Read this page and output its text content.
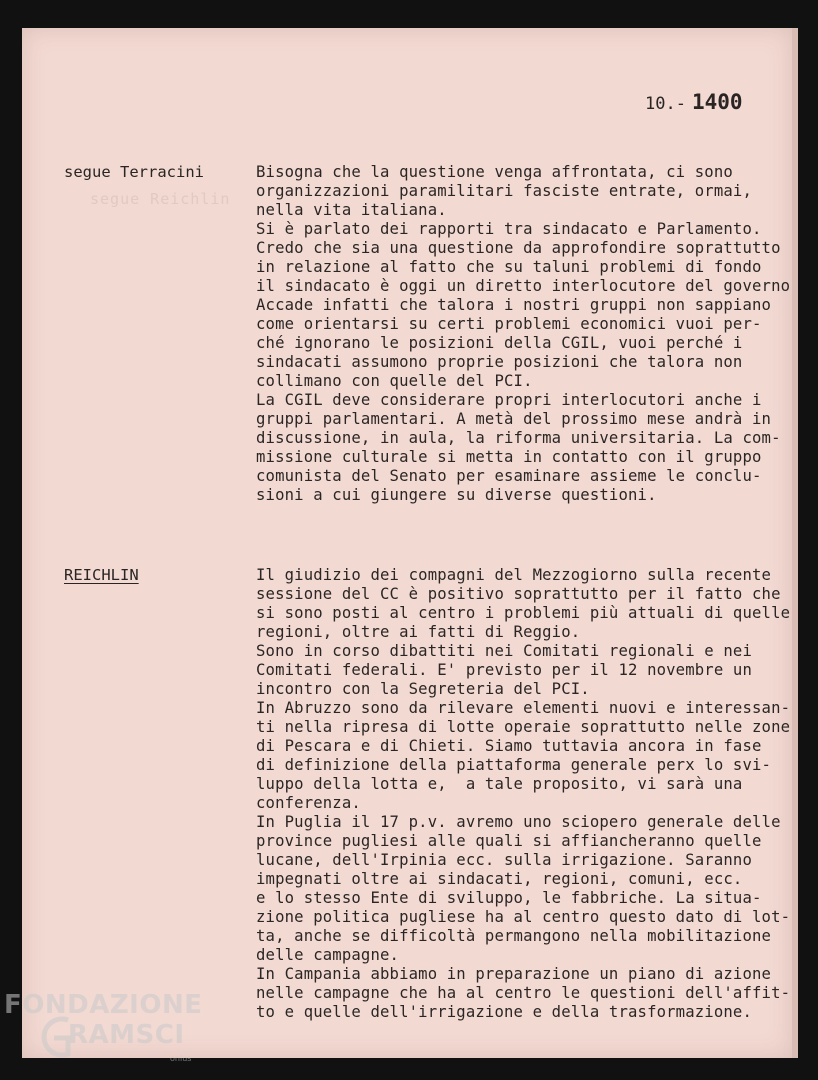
segue Reichlin
10.- 1400
segue Terracini	Bisogna che la questione venga affrontata, ci sono
organizzazioni paramilitari fasciste entrate, ormai,
nella vita italiana.
Si è parlato dei rapporti tra sindacato e Parlamento.
Credo che sia una questione da approfondire soprattutto
in relazione al fatto che su taluni problemi di fondo
il sindacato è oggi un diretto interlocutore del governo
Accade infatti che talora i nostri gruppi non sappiano
come orientarsi su certi problemi economici vuoi per-
ché ignorano le posizioni della CGIL, vuoi perché i
sindacati assumono proprie posizioni che talora non
collimano con quelle del PCI.
La CGIL deve considerare propri interlocutori anche i
gruppi parlamentari. A metà del prossimo mese andrà in
discussione, in aula, la riforma universitaria. La com-
missione culturale si metta in contatto con il gruppo
comunista del Senato per esaminare assieme le conclu-
sioni a cui giungere su diverse questioni.
REICHLIN	Il giudizio dei compagni del Mezzogiorno sulla recente
sessione del CC è positivo soprattutto per il fatto che
si sono posti al centro i problemi più attuali di quelle
regioni, oltre ai fatti di Reggio.
Sono in corso dibattiti nei Comitati regionali e nei
Comitati federali. E' previsto per il 12 novembre un
incontro con la Segreteria del PCI.
In Abruzzo sono da rilevare elementi nuovi e interessan-
ti nella ripresa di lotte operaie soprattutto nelle zone
di Pescara e di Chieti. Siamo tuttavia ancora in fase
di definizione della piattaforma generale perx lo svi-
luppo della lotta e,  a tale proposito, vi sarà una
conferenza.
In Puglia il 17 p.v. avremo uno sciopero generale delle
province pugliesi alle quali si affiancheranno quelle
lucane, dell'Irpinia ecc. sulla irrigazione. Saranno
impegnati oltre ai sindacati, regioni, comuni, ecc.
e lo stesso Ente di sviluppo, le fabbriche. La situa-
zione politica pugliese ha al centro questo dato di lot-
ta, anche se difficoltà permangono nella mobilitazione
delle campagne.
In Campania abbiamo in preparazione un piano di azione
nelle campagne che ha al centro le questioni dell'affit-
to e quelle dell'irrigazione e della trasformazione.
FONDAZIONE
RAMSCI
onlus
